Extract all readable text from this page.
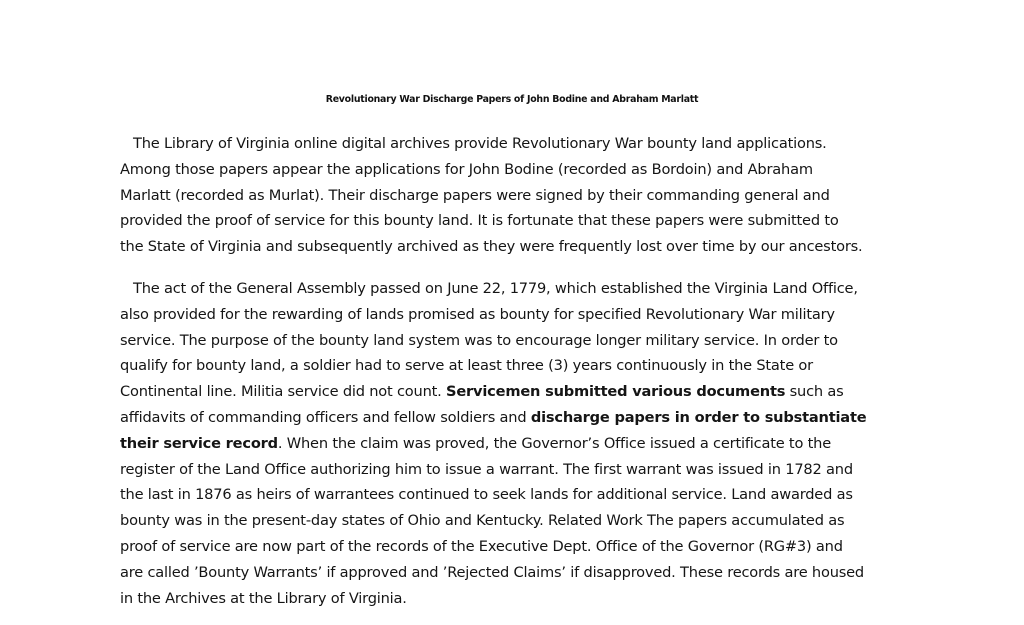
Revolutionary War Discharge Papers of John Bodine and Abraham Marlatt
The Library of Virginia online digital archives provide Revolutionary War bounty land applications.
Among those papers appear the applications for John Bodine (recorded as Bordoin) and Abraham
Marlatt (recorded as Murlat). Their discharge papers were signed by their commanding general and
provided the proof of service for this bounty land. It is fortunate that these papers were submitted to
the State of Virginia and subsequently archived as they were frequently lost over time by our ancestors.
The act of the General Assembly passed on June 22, 1779, which established the Virginia Land Office,
also provided for the rewarding of lands promised as bounty for specified Revolutionary War military
service. The purpose of the bounty land system was to encourage longer military service. In order to
qualify for bounty land, a soldier had to serve at least three (3) years continuously in the State or
Continental line. Militia service did not count. Servicemen submitted various documents such as
affidavits of commanding officers and fellow soldiers and discharge papers in order to substantiate
their service record. When the claim was proved, the Governor’s Office issued a certificate to the
register of the Land Office authorizing him to issue a warrant. The first warrant was issued in 1782 and
the last in 1876 as heirs of warrantees continued to seek lands for additional service. Land awarded as
bounty was in the present-day states of Ohio and Kentucky. Related Work The papers accumulated as
proof of service are now part of the records of the Executive Dept. Office of the Governor (RG#3) and
are called ’Bounty Warrants’ if approved and ’Rejected Claims’ if disapproved. These records are housed
in the Archives at the Library of Virginia.
